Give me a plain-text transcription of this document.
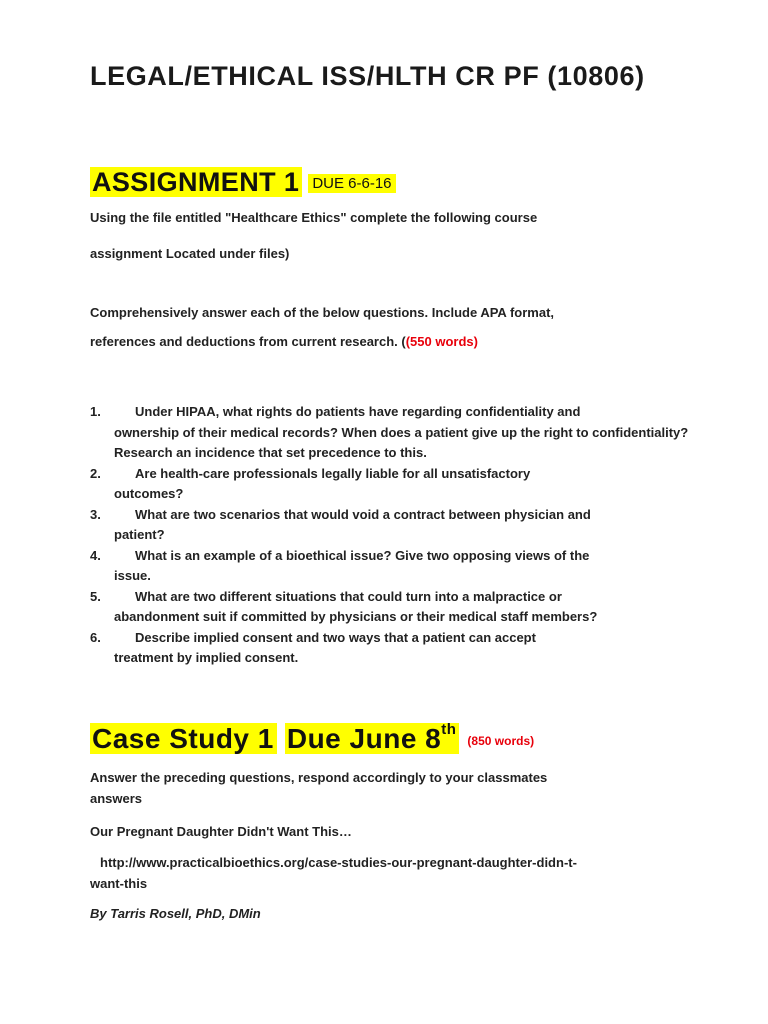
LEGAL/ETHICAL ISS/HLTH CR PF (10806)
ASSIGNMENT 1 DUE 6-6-16
Using the file entitled "Healthcare Ethics" complete the following course
assignment Located under files)
Comprehensively answer each of the below questions. Include APA format,
references and deductions from current research. ((550 words)
1.	Under HIPAA, what rights do patients have regarding confidentiality and
ownership of their medical records? When does a patient give up the right to confidentiality? Research an incidence that set precedence to this.
2.	Are health-care professionals legally liable for all unsatisfactory
outcomes?
3.	What are two scenarios that would void a contract between physician and
patient?
4.	What is an example of a bioethical issue? Give two opposing views of the
issue.
5.	What are two different situations that could turn into a malpractice or
abandonment suit if committed by physicians or their medical staff members?
6.	Describe implied consent and two ways that a patient can accept
treatment by implied consent.
Case Study 1 Due June 8th(850 words)
Answer the preceding questions, respond accordingly to your classmates
answers
Our Pregnant Daughter Didn't Want This…
http://www.practicalbioethics.org/case-studies-our-pregnant-daughter-didn-t-
want-this
By Tarris Rosell, PhD, DMin
